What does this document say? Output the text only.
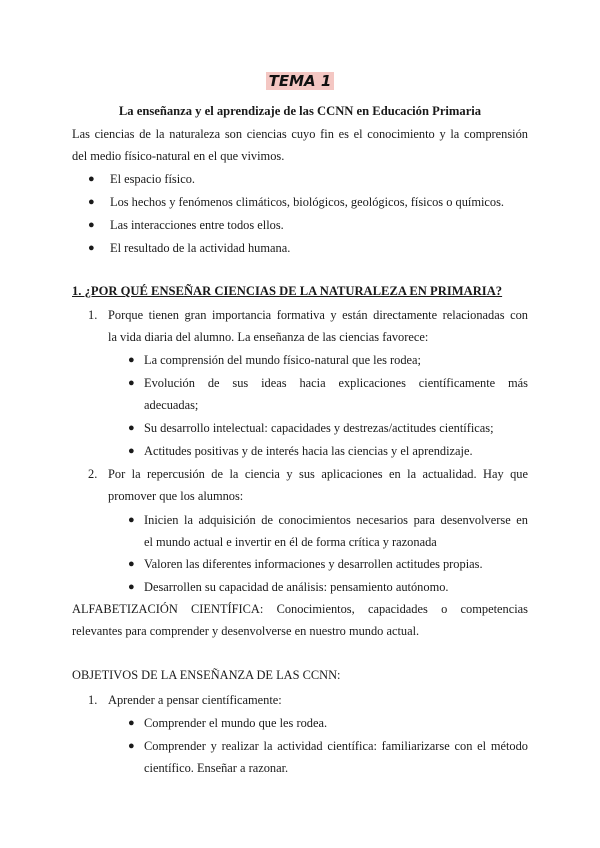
TEMA 1
La enseñanza y el aprendizaje de las CCNN en Educación Primaria
Las ciencias de la naturaleza son ciencias cuyo fin es el conocimiento y la comprensión
del medio físico-natural en el que vivimos.
● El espacio físico.
● Los hechos y fenómenos climáticos, biológicos, geológicos, físicos o químicos.
● Las interacciones entre todos ellos.
● El resultado de la actividad humana.
1. ¿POR QUÉ ENSEÑAR CIENCIAS DE LA NATURALEZA EN PRIMARIA?
1. Porque tienen gran importancia formativa y están directamente relacionadas con
la vida diaria del alumno. La enseñanza de las ciencias favorece:
● La comprensión del mundo físico-natural que les rodea;
● Evolución de sus ideas hacia explicaciones científicamente más
adecuadas;
● Su desarrollo intelectual: capacidades y destrezas/actitudes científicas;
● Actitudes positivas y de interés hacia las ciencias y el aprendizaje.
2. Por la repercusión de la ciencia y sus aplicaciones en la actualidad. Hay que
promover que los alumnos:
● Inicien la adquisición de conocimientos necesarios para desenvolverse en
el mundo actual e invertir en él de forma crítica y razonada
● Valoren las diferentes informaciones y desarrollen actitudes propias.
● Desarrollen su capacidad de análisis: pensamiento autónomo.
ALFABETIZACIÓN CIENTÍFICA: Conocimientos, capacidades o competencias
relevantes para comprender y desenvolverse en nuestro mundo actual.
OBJETIVOS DE LA ENSEÑANZA DE LAS CCNN:
1. Aprender a pensar científicamente:
● Comprender el mundo que les rodea.
● Comprender y realizar la actividad científica: familiarizarse con el método
científico. Enseñar a razonar.
